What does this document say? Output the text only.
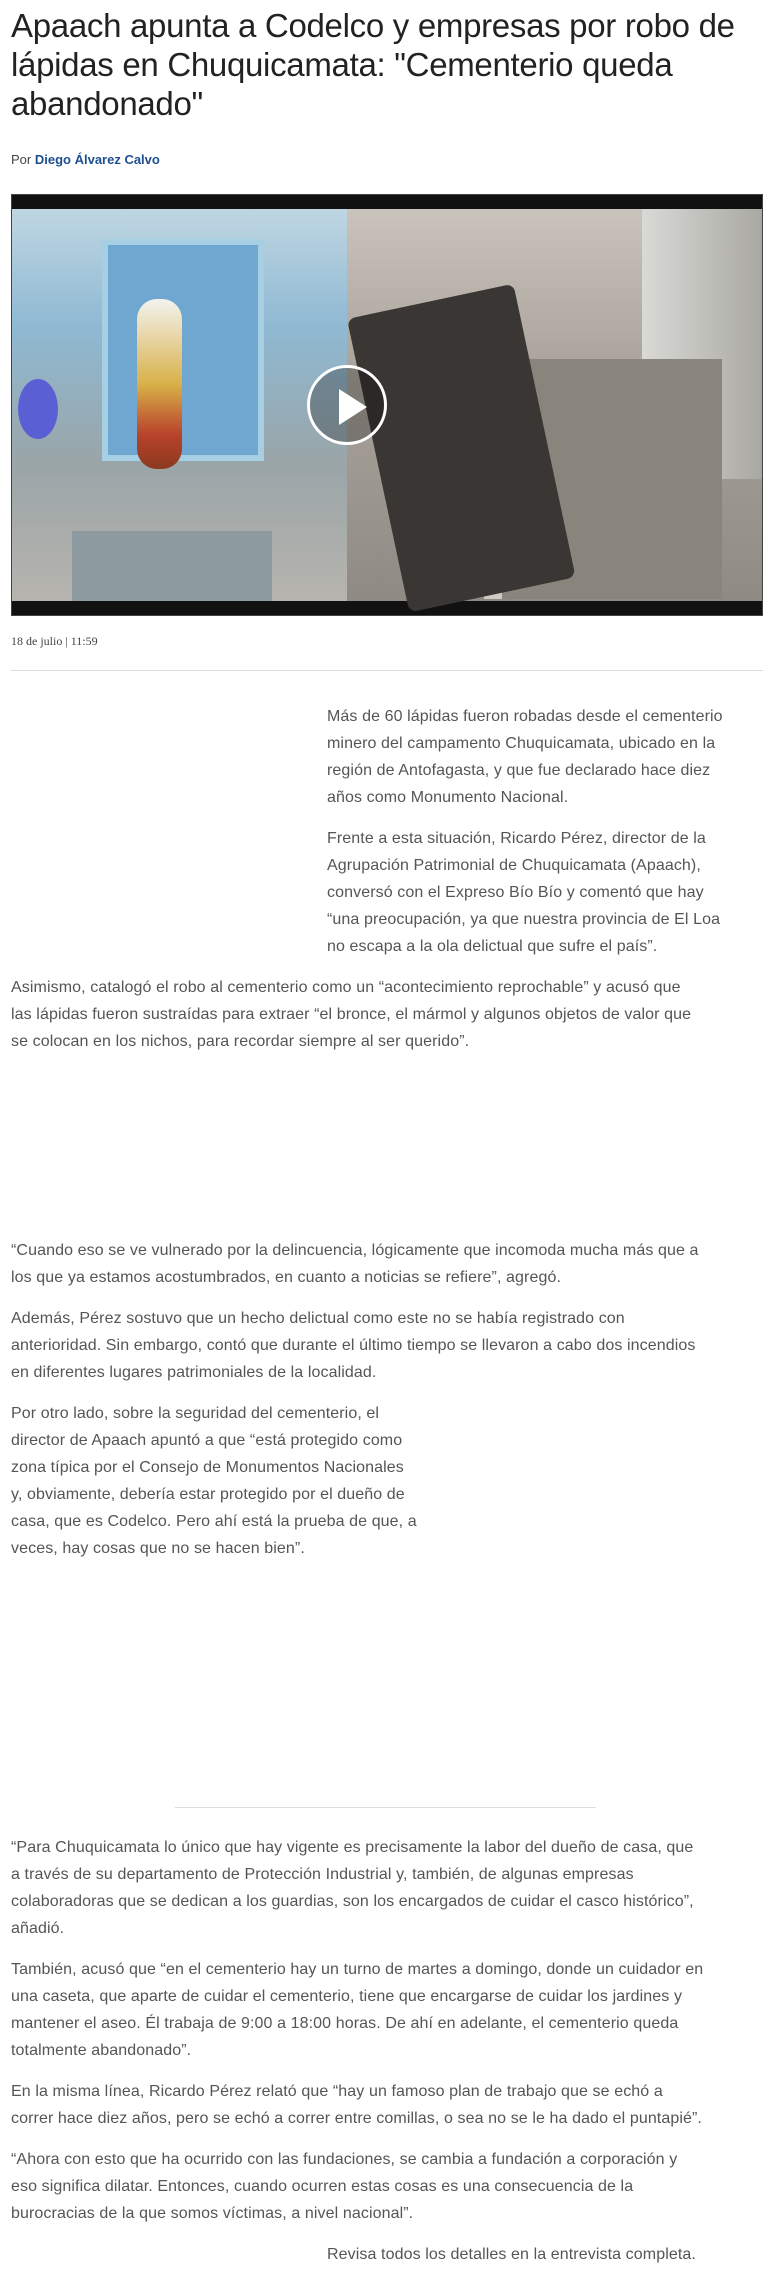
Apaach apunta a Codelco y empresas por robo de lápidas en Chuquicamata: "Cementerio queda abandonado"
Por Diego Álvarez Calvo
18 de julio | 11:59
Más de 60 lápidas fueron robadas desde el cementerio
minero del campamento Chuquicamata, ubicado en la
región de Antofagasta, y que fue declarado hace diez
años como Monumento Nacional.
Frente a esta situación, Ricardo Pérez, director de la
Agrupación Patrimonial de Chuquicamata (Apaach),
conversó con el Expreso Bío Bío y comentó que hay
“una preocupación, ya que nuestra provincia de El Loa
no escapa a la ola delictual que sufre el país”.
Asimismo, catalogó el robo al cementerio como un “acontecimiento reprochable” y acusó que
las lápidas fueron sustraídas para extraer “el bronce, el mármol y algunos objetos de valor que
se colocan en los nichos, para recordar siempre al ser querido”.
“Cuando eso se ve vulnerado por la delincuencia, lógicamente que incomoda mucha más que a
los que ya estamos acostumbrados, en cuanto a noticias se refiere”, agregó.
Además, Pérez sostuvo que un hecho delictual como este no se había registrado con
anterioridad. Sin embargo, contó que durante el último tiempo se llevaron a cabo dos incendios
en diferentes lugares patrimoniales de la localidad.
Por otro lado, sobre la seguridad del cementerio, el
director de Apaach apuntó a que “está protegido como
zona típica por el Consejo de Monumentos Nacionales
y, obviamente, debería estar protegido por el dueño de
casa, que es Codelco. Pero ahí está la prueba de que, a
veces, hay cosas que no se hacen bien”.
“Para Chuquicamata lo único que hay vigente es precisamente la labor del dueño de casa, que
a través de su departamento de Protección Industrial y, también, de algunas empresas
colaboradoras que se dedican a los guardias, son los encargados de cuidar el casco histórico”,
añadió.
También, acusó que “en el cementerio hay un turno de martes a domingo, donde un cuidador en
una caseta, que aparte de cuidar el cementerio, tiene que encargarse de cuidar los jardines y
mantener el aseo. Él trabaja de 9:00 a 18:00 horas. De ahí en adelante, el cementerio queda
totalmente abandonado”.
En la misma línea, Ricardo Pérez relató que “hay un famoso plan de trabajo que se echó a
correr hace diez años, pero se echó a correr entre comillas, o sea no se le ha dado el puntapié”.
“Ahora con esto que ha ocurrido con las fundaciones, se cambia a fundación a corporación y
eso significa dilatar. Entonces, cuando ocurren estas cosas es una consecuencia de la
burocracias de la que somos víctimas, a nivel nacional”.
Revisa todos los detalles en la entrevista completa.
